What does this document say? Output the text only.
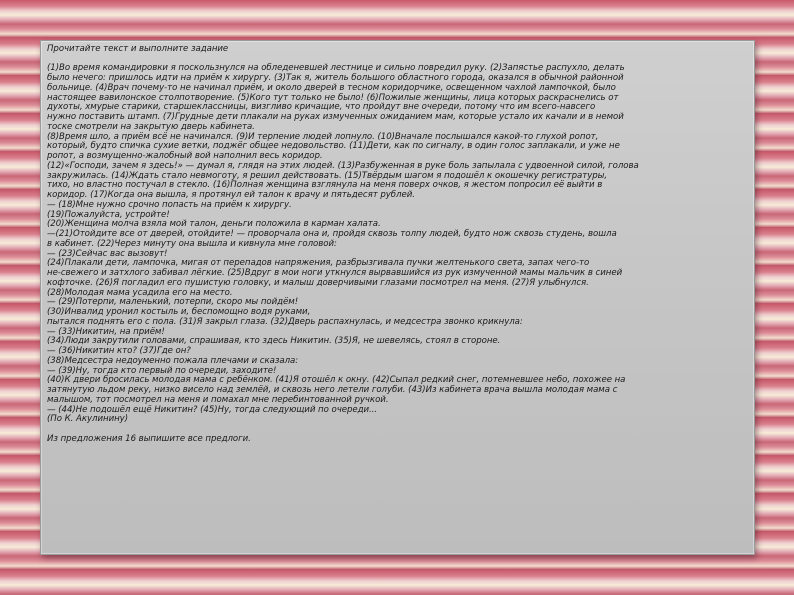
Прочитайте текст и выполните задание
(1)Во время командировки я поскользнулся на обледеневшей лестнице и сильно повредил руку. (2)Запястье распухло, делать
было нечего: пришлось идти на приём к хирургу. (3)Так я, житель большого областного города, оказался в обычной районной
больнице. (4)Врач почему-то не начинал приём, и около дверей в тесном коридорчике, освещенном чахлой лампочкой, было
настоящее вавилонское столпотворение. (5)Кого тут только не было! (6)Пожилые женщины, лица которых раскраснелись от
духоты, хмурые старики, старшеклассницы, визгливо кричащие, что пройдут вне очереди, потому что им всего-навсего
нужно поставить штамп. (7)Грудные дети плакали на руках измученных ожиданием мам, которые устало их качали и в немой
тоске смотрели на закрытую дверь кабинета.
(8)Время шло, а приём всё не начинался. (9)И терпение людей лопнуло. (10)Вначале послышался какой-то глухой ропот,
который, будто спичка сухие ветки, поджёг общее недовольство. (11)Дети, как по сигналу, в один голос заплакали, и уже не
ропот, а возмущенно-жалобный вой наполнил весь коридор.
(12)«Господи, зачем я здесь!» — думал я, глядя на этих людей. (13)Разбуженная в руке боль запылала с удвоенной силой, голова
закружилась. (14)Ждать стало невмоготу, я решил действовать. (15)Твёрдым шагом я подошёл к окошечку регистратуры,
тихо, но властно постучал в стекло. (16)Полная женщина взглянула на меня поверх очков, я жестом попросил её выйти в
коридор. (17)Когда она вышла, я протянул ей талон к врачу и пятьдесят рублей.
— (18)Мне нужно срочно попасть на приём к хирургу.
(19)Пожалуйста, устройте!
(20)Женщина молча взяла мой талон, деньги положила в карман халата.
—(21)Отойдите все от дверей, отойдите! — проворчала она и, пройдя сквозь толпу людей, будто нож сквозь студень, вошла
в кабинет. (22)Через минуту она вышла и кивнула мне головой:
— (23)Сейчас вас вызовут!
(24)Плакали дети, лампочка, мигая от перепадов напряжения, разбрызгивала пучки желтенького света, запах чего-то
не-свежего и затхлого забивал лёгкие. (25)Вдруг в мои ноги уткнулся вырвавшийся из рук измученной мамы мальчик в синей
кофточке. (26)Я погладил его пушистую головку, и малыш доверчивыми глазами посмотрел на меня. (27)Я улыбнулся.
(28)Молодая мама усадила его на место.
— (29)Потерпи, маленький, потерпи, скоро мы пойдём!
(30)Инвалид уронил костыль и, беспомощно водя руками,
пытался поднять его с пола. (31)Я закрыл глаза. (32)Дверь распахнулась, и медсестра звонко крикнула:
— (33)Никитин, на приём!
(34)Люди закрутили головами, спрашивая, кто здесь Никитин. (35)Я, не шевелясь, стоял в стороне.
— (36)Никитин кто? (37)Где он?
(38)Медсестра недоуменно пожала плечами и сказала:
— (39)Ну, тогда кто первый по очереди, заходите!
(40)К двери бросилась молодая мама с ребёнком. (41)Я отошёл к окну. (42)Сыпал редкий снег, потемневшее небо, похожее на
затянутую льдом реку, низко висело над землёй, и сквозь него летели голуби. (43)Из кабинета врача вышла молодая мама с
малышом, тот посмотрел на меня и помахал мне перебинтованной ручкой.
— (44)Не подошёл ещё Никитин? (45)Ну, тогда следующий по очереди...
(По К. Акулинину)
Из предложения 16 выпишите все предлоги.
